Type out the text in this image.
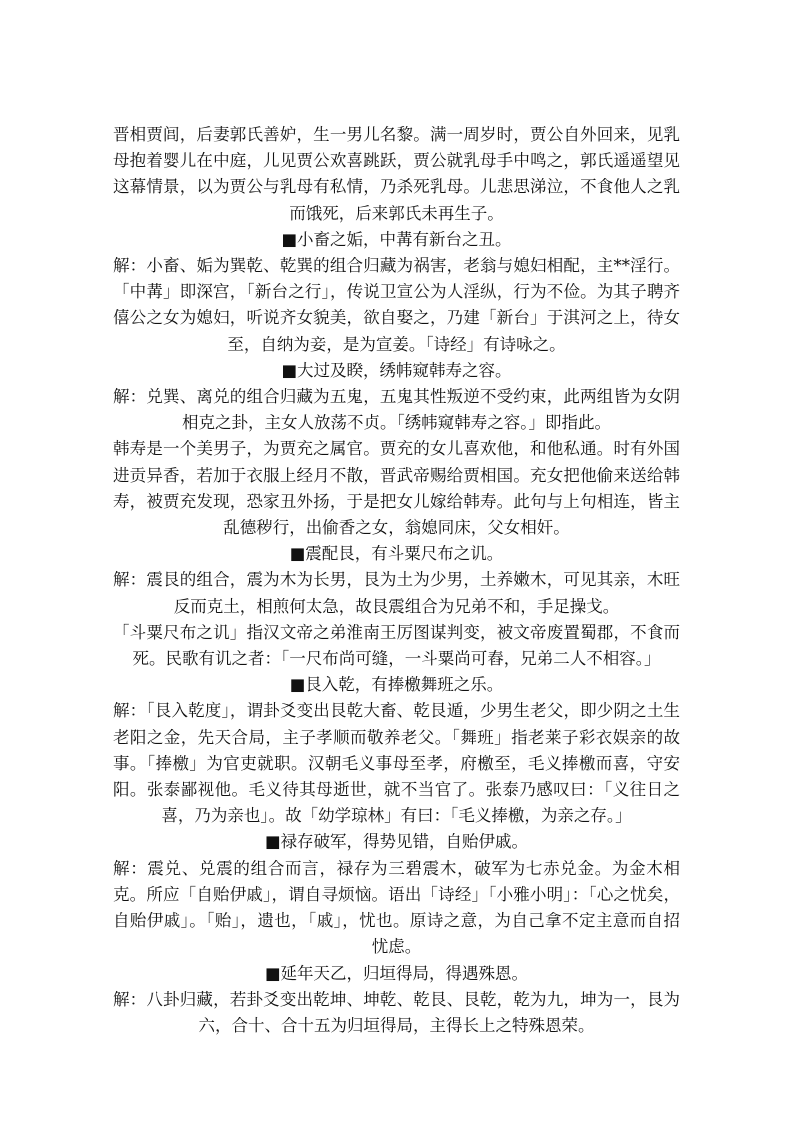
晋相贾闾，后妻郭氏善妒，生一男儿名黎。满一周岁时，贾公自外回来，见乳母抱着婴儿在中庭，儿见贾公欢喜跳跃，贾公就乳母手中鸣之，郭氏遥遥望见这幕情景，以为贾公与乳母有私情，乃杀死乳母。儿悲思涕泣，不食他人之乳而饿死，后来郭氏未再生子。

■小畜之姤，中冓有新台之丑。

解：小畜、姤为巽乾、乾巽的组合归藏为祸害，老翁与媳妇相配，主**淫行。「中冓」即深宫，「新台之行」，传说卫宣公为人淫纵，行为不俭。为其子聘齐僖公之女为媳妇，听说齐女貌美，欲自娶之，乃建「新台」于淇河之上，待女至，自纳为妾，是为宣姜。「诗经」有诗咏之。

■大过及睽，绣帏窥韩寿之容。

解：兑巽、离兑的组合归藏为五鬼，五鬼其性叛逆不受约束，此两组皆为女阴相克之卦，主女人放荡不贞。「绣帏窥韩寿之容。」即指此。

韩寿是一个美男子，为贾充之属官。贾充的女儿喜欢他，和他私通。时有外国进贡异香，若加于衣服上经月不散，晋武帝赐给贾相国。充女把他偷来送给韩寿，被贾充发现，恐家丑外扬，于是把女儿嫁给韩寿。此句与上句相连，皆主乱德秽行，出偷香之女，翁媳同床，父女相奸。

■震配艮，有斗粟尺布之讥。

解：震艮的组合，震为木为长男，艮为土为少男，土养嫩木，可见其亲，木旺反而克土，相煎何太急，故艮震组合为兄弟不和，手足操戈。

「斗粟尺布之讥」指汉文帝之弟淮南王厉图谋判变，被文帝废置蜀郡，不食而死。民歌有讥之者：「一尺布尚可缝，一斗粟尚可舂，兄弟二人不相容。」

■艮入乾，有捧檄舞班之乐。

解：「艮入乾度」，谓卦爻变出艮乾大畜、乾艮遁，少男生老父，即少阴之土生老阳之金，先天合局，主子孝顺而敬养老父。「舞班」指老莱子彩衣娱亲的故事。「捧檄」为官吏就职。汉朝毛义事母至孝，府檄至，毛义捧檄而喜，守安阳。张泰鄙视他。毛义待其母逝世，就不当官了。张泰乃感叹曰：「义往日之喜，乃为亲也」。故「幼学琼林」有曰：「毛义捧檄，为亲之存。」

■禄存破军，得势见错，自贻伊戚。

解：震兑、兑震的组合而言，禄存为三碧震木，破军为七赤兑金。为金木相克。所应「自贻伊戚」，谓自寻烦恼。语出「诗经」「小雅小明」：「心之忧矣，自贻伊戚」。「贻」，遗也，「戚」，忧也。原诗之意，为自己拿不定主意而自招忧虑。

■延年天乙，归垣得局，得遇殊恩。

解：八卦归藏，若卦爻变出乾坤、坤乾、乾艮、艮乾，乾为九，坤为一，艮为六，合十、合十五为归垣得局，主得长上之特殊恩荣。
